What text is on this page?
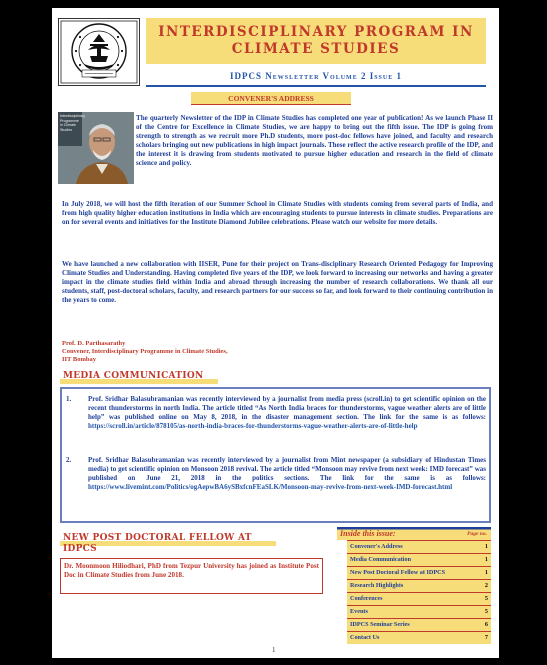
INTERDISCIPLINARY PROGRAM IN
CLIMATE STUDIES
IDPCS Newsletter Volume 2 Issue 1
CONVENER'S ADDRESS
Interdisciplinary Programme in Climate Studies

The quarterly Newsletter of the IDP in Climate Studies has completed one year of publication! As we launch Phase II of the Centre for Excellence in Climate Studies, we are happy to bring out the fifth issue. The IDP is going from strength to strength as we recruit more Ph.D students, more post-doc fellows have joined, and faculty and research scholars bringing out new publications in high impact journals. These reflect the active research profile of the IDP, and the interest it is drawing from students motivated to pursue higher education and research in the field of climate science and policy.

In July 2018, we will host the fifth iteration of our Summer School in Climate Studies with students coming from several parts of India, and from high quality higher education institutions in India which are encouraging students to pursue interests in climate studies. Preparations are on for several events and initiatives for the Institute Diamond Jubilee celebrations. Please watch our website for more details.

We have launched a new collaboration with IISER, Pune for their project on Trans-disciplinary Research Oriented Pedagogy for Improving Climate Studies and Understanding. Having completed five years of the IDP, we look forward to increasing our networks and having a greater impact in the climate studies field within India and abroad through increasing the number of research collaborations. We thank all our students, staff, post-doctoral scholars, faculty, and research partners for our success so far, and look forward to their continuing contribution in the years to come.

Prof. D. Parthasarathy
Convener, Interdisciplinary Programme in Climate Studies,
IIT Bombay
MEDIA COMMUNICATION
1. Prof. Sridhar Balasubramanian was recently interviewed by a journalist from media press (scroll.in) to get scientific opinion on the recent thunderstorms in north India. The article titled “As North India braces for thunderstorms, vague weather alerts are of little help” was published online on May 8, 2018, in the disaster management section. The link for the same is as follows: https://scroll.in/article/878105/as-north-india-braces-for-thunderstorms-vague-weather-alerts-are-of-little-help
2. Prof. Sridhar Balasubramanian was recently interviewed by a journalist from Mint newspaper (a subsidiary of Hindustan Times media) to get scientific opinion on Monsoon 2018 revival. The article titled “Monsoon may revive from next week: IMD forecast” was published on June 21, 2018 in the politics sections. The link for the same is as follows: https://www.livemint.com/Politics/ogAepwBA6ySBxfcnFEaSLK/Monsoon-may-revive-from-next-week-IMD-forecast.html
NEW POST DOCTORAL FELLOW AT IDPCS
Dr. Moonmoon Hiliodhari, PhD from Tezpur University has joined as Institute Post Doc in Climate Studies from June 2018.
Inside this issue:	Page no.
Convener's Address	1
Media Communication	1
New Post Doctoral Fellow at IDPCS	1
Research Highlights	2
Conferences	5
Events	5
IDPCS Seminar Series	6
Contact Us	7
1
